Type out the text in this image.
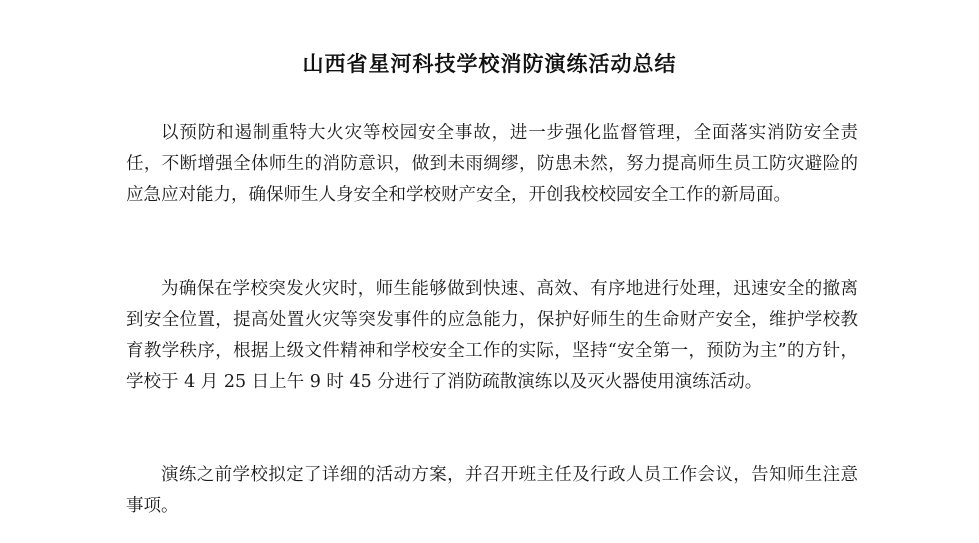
山西省星河科技学校消防演练活动总结

以预防和遏制重特大火灾等校园安全事故，进一步强化监督管理，全面落实消防安全责任，不断增强全体师生的消防意识，做到未雨绸缪，防患未然，努力提高师生员工防灾避险的应急应对能力，确保师生人身安全和学校财产安全，开创我校校园安全工作的新局面。

为确保在学校突发火灾时，师生能够做到快速、高效、有序地进行处理，迅速安全的撤离到安全位置，提高处置火灾等突发事件的应急能力，保护好师生的生命财产安全，维护学校教育教学秩序，根据上级文件精神和学校安全工作的实际，坚持“安全第一，预防为主”的方针，学校于 4 月 25 日上午 9 时 45 分进行了消防疏散演练以及灭火器使用演练活动。

演练之前学校拟定了详细的活动方案，并召开班主任及行政人员工作会议，告知师生注意事项。
